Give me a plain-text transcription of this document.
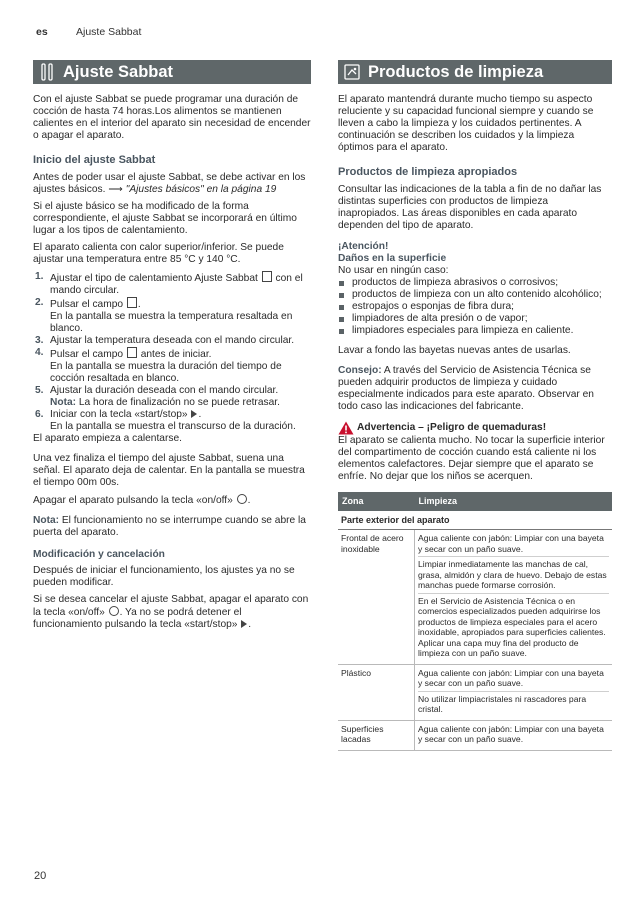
es	Ajuste Sabbat
Ajuste Sabbat

Con el ajuste Sabbat se puede programar una duración de cocción de hasta 74 horas.Los alimentos se mantienen calientes en el interior del aparato sin necesidad de encender o apagar el aparato.

Inicio del ajuste Sabbat

Antes de poder usar el ajuste Sabbat, se debe activar en los ajustes básicos. ⟶ "Ajustes básicos" en la página 19

Si el ajuste básico se ha modificado de la forma correspondiente, el ajuste Sabbat se incorporará en último lugar a los tipos de calentamiento.

El aparato calienta con calor superior/inferior. Se puede ajustar una temperatura entre 85 °C y 140 °C.

1. Ajustar el tipo de calentamiento Ajuste Sabbat  con el mando circular.
2. Pulsar el campo .
En la pantalla se muestra la temperatura resaltada en blanco.
3. Ajustar la temperatura deseada con el mando circular.
4. Pulsar el campo  antes de iniciar.
En la pantalla se muestra la duración del tiempo de cocción resaltada en blanco.
5. Ajustar la duración deseada con el mando circular.
Nota: La hora de finalización no se puede retrasar.
6. Iniciar con la tecla «start/stop» .
En la pantalla se muestra el transcurso de la duración.

El aparato empieza a calentarse.

Una vez finaliza el tiempo del ajuste Sabbat, suena una señal. El aparato deja de calentar. En la pantalla se muestra el tiempo 00m 00s.

Apagar el aparato pulsando la tecla «on/off» .

Nota: El funcionamiento no se interrumpe cuando se abre la puerta del aparato.

Modificación y cancelación

Después de iniciar el funcionamiento, los ajustes ya no se pueden modificar.

Si se desea cancelar el ajuste Sabbat, apagar el aparato con la tecla «on/off» . Ya no se podrá detener el funcionamiento pulsando la tecla «start/stop» .

Productos de limpieza

El aparato mantendrá durante mucho tiempo su aspecto reluciente y su capacidad funcional siempre y cuando se lleven a cabo la limpieza y los cuidados pertinentes. A continuación se describen los cuidados y la limpieza óptimos para el aparato.

Productos de limpieza apropiados

Consultar las indicaciones de la tabla a fin de no dañar las distintas superficies con productos de limpieza inapropiados. Las áreas disponibles en cada aparato dependen del tipo de aparato.

¡Atención!
Daños en la superficie

No usar en ningún caso:

productos de limpieza abrasivos o corrosivos;
productos de limpieza con un alto contenido alcohólico;
estropajos o esponjas de fibra dura;
limpiadores de alta presión o de vapor;
limpiadores especiales para limpieza en caliente.

Lavar a fondo las bayetas nuevas antes de usarlas.

Consejo: A través del Servicio de Asistencia Técnica se pueden adquirir productos de limpieza y cuidado especialmente indicados para este aparato. Observar en todo caso las indicaciones del fabricante.

Advertencia – ¡Peligro de quemaduras!

El aparato se calienta mucho. No tocar la superficie interior del compartimento de cocción cuando está caliente ni los elementos calefactores. Dejar siempre que el aparato se enfríe. No dejar que los niños se acerquen.

Zona	Limpieza
Parte exterior del aparato	
Frontal de acero inoxidable	Agua caliente con jabón: Limpiar con una bayeta y secar con un paño suave.
Limpiar inmediatamente las manchas de cal, grasa, almidón y clara de huevo. Debajo de estas manchas puede formarse corrosión.
En el Servicio de Asistencia Técnica o en comercios especializados pueden adquirirse los productos de limpieza especiales para el acero inoxidable, apropiados para superficies calientes. Aplicar una capa muy fina del producto de limpieza con un paño suave.

Plástico	Agua caliente con jabón: Limpiar con una bayeta y secar con un paño suave.
No utilizar limpiacristales ni rascadores para cristal.

Superficies lacadas	Agua caliente con jabón: Limpiar con una bayeta y secar con un paño suave.
20
